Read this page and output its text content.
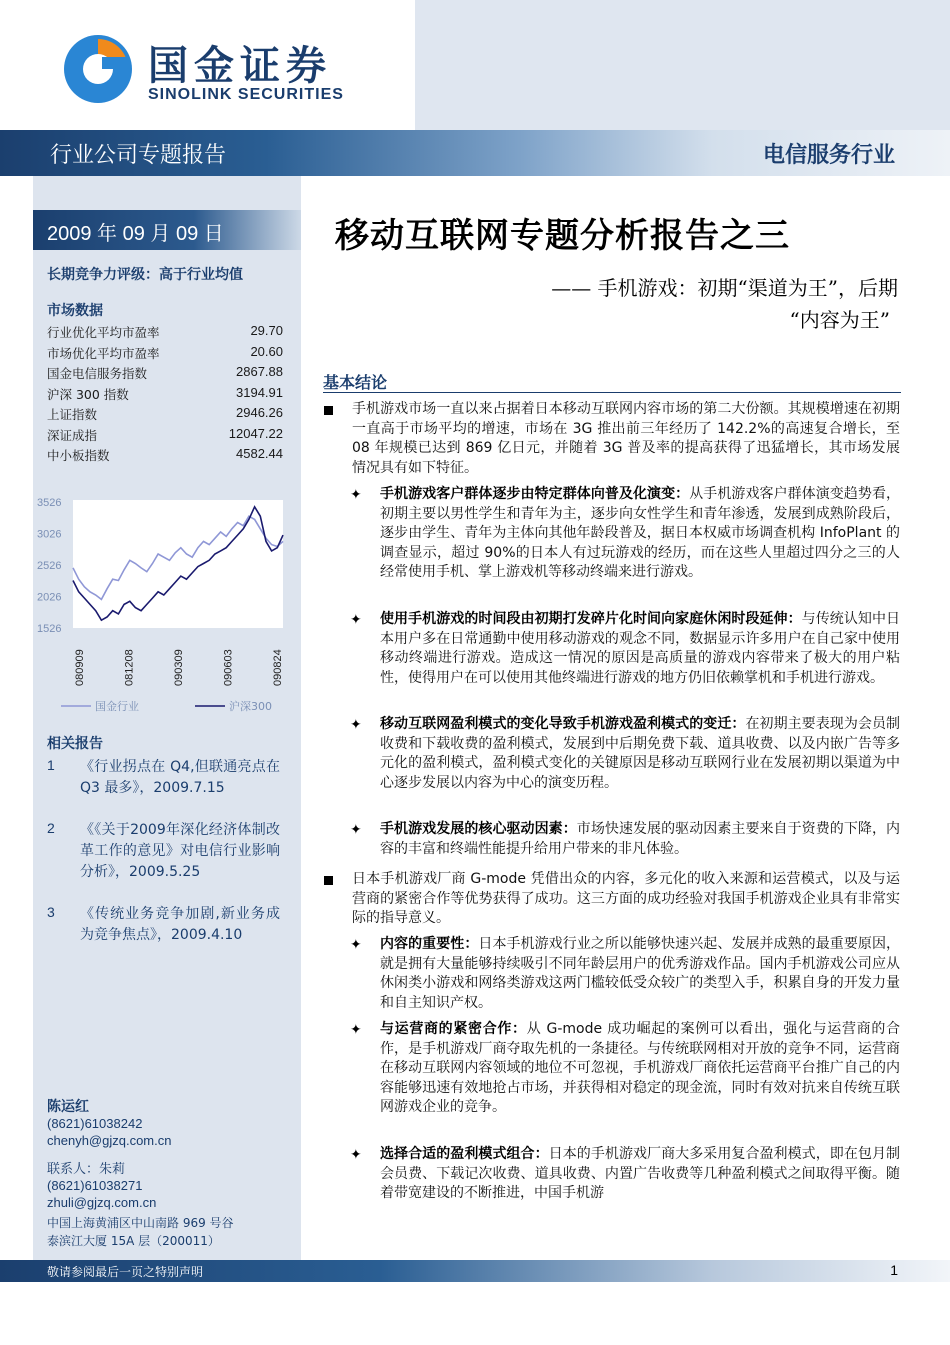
国金证券
SINOLINK SECURITIES
行业公司专题报告	电信服务行业
2009 年 09 月 09 日
长期竞争力评级：高于行业均值
市场数据
行业优化平均市盈率	29.70
市场优化平均市盈率	20.60
国金电信服务指数	2867.88
沪深 300 指数	3194.91
上证指数	2946.26
深证成指	12047.22
中小板指数	4582.44
3526
3026
2526
2026
1526
080909	081208	090309	090603	090824
国金行业	沪深300
相关报告
1 《行业拐点在 Q4,但联通亮点在 Q3 最多》，2009.7.15
2 《《关于2009年深化经济体制改革工作的意见》对电信行业影响分析》，2009.5.25
3 《传统业务竞争加剧,新业务成为竞争焦点》，2009.4.10
陈运红
(8621)61038242
chenyh@gjzq.com.cn
联系人：朱莉
(8621)61038271
zhuli@gjzq.com.cn
中国上海黄浦区中山南路 969 号谷
泰滨江大厦 15A 层（200011）
移动互联网专题分析报告之三
—— 手机游戏：初期“渠道为王”，后期
“内容为王”
基本结论
手机游戏市场一直以来占据着日本移动互联网内容市场的第二大份额。其规模增速在初期一直高于市场平均的增速，市场在 3G 推出前三年经历了 142.2%的高速复合增长，至 08 年规模已达到 869 亿日元，并随着 3G 普及率的提高获得了迅猛增长，其市场发展情况具有如下特征。
✦ 手机游戏客户群体逐步由特定群体向普及化演变：从手机游戏客户群体演变趋势看，初期主要以男性学生和青年为主，逐步向女性学生和青年渗透，发展到成熟阶段后，逐步由学生、青年为主体向其他年龄段普及，据日本权威市场调查机构 InfoPlant 的调查显示，超过 90%的日本人有过玩游戏的经历，而在这些人里超过四分之三的人经常使用手机、掌上游戏机等移动终端来进行游戏。
✦ 使用手机游戏的时间段由初期打发碎片化时间向家庭休闲时段延伸：与传统认知中日本用户多在日常通勤中使用移动游戏的观念不同，数据显示许多用户在自己家中使用移动终端进行游戏。造成这一情况的原因是高质量的游戏内容带来了极大的用户粘性，使得用户在可以使用其他终端进行游戏的地方仍旧依赖掌机和手机进行游戏。
✦ 移动互联网盈利模式的变化导致手机游戏盈利模式的变迁：在初期主要表现为会员制收费和下载收费的盈利模式，发展到中后期免费下载、道具收费、以及内嵌广告等多元化的盈利模式，盈利模式变化的关键原因是移动互联网行业在发展初期以渠道为中心逐步发展以内容为中心的演变历程。
✦ 手机游戏发展的核心驱动因素：市场快速发展的驱动因素主要来自于资费的下降，内容的丰富和终端性能提升给用户带来的非凡体验。
日本手机游戏厂商 G-mode 凭借出众的内容，多元化的收入来源和运营模式，以及与运营商的紧密合作等优势获得了成功。这三方面的成功经验对我国手机游戏企业具有非常实际的指导意义。
✦ 内容的重要性：日本手机游戏行业之所以能够快速兴起、发展并成熟的最重要原因，就是拥有大量能够持续吸引不同年龄层用户的优秀游戏作品。国内手机游戏公司应从休闲类小游戏和网络类游戏这两门槛较低受众较广的类型入手，积累自身的开发力量和自主知识产权。
✦ 与运营商的紧密合作：从 G-mode 成功崛起的案例可以看出，强化与运营商的合作，是手机游戏厂商夺取先机的一条捷径。与传统联网相对开放的竞争不同，运营商在移动互联网内容领域的地位不可忽视，手机游戏厂商依托运营商平台推广自己的内容能够迅速有效地抢占市场，并获得相对稳定的现金流，同时有效对抗来自传统互联网游戏企业的竞争。
✦ 选择合适的盈利模式组合：日本的手机游戏厂商大多采用复合盈利模式，即在包月制会员费、下载记次收费、道具收费、内置广告收费等几种盈利模式之间取得平衡。随着带宽建设的不断推进，中国手机游
敬请参阅最后一页之特别声明	1
